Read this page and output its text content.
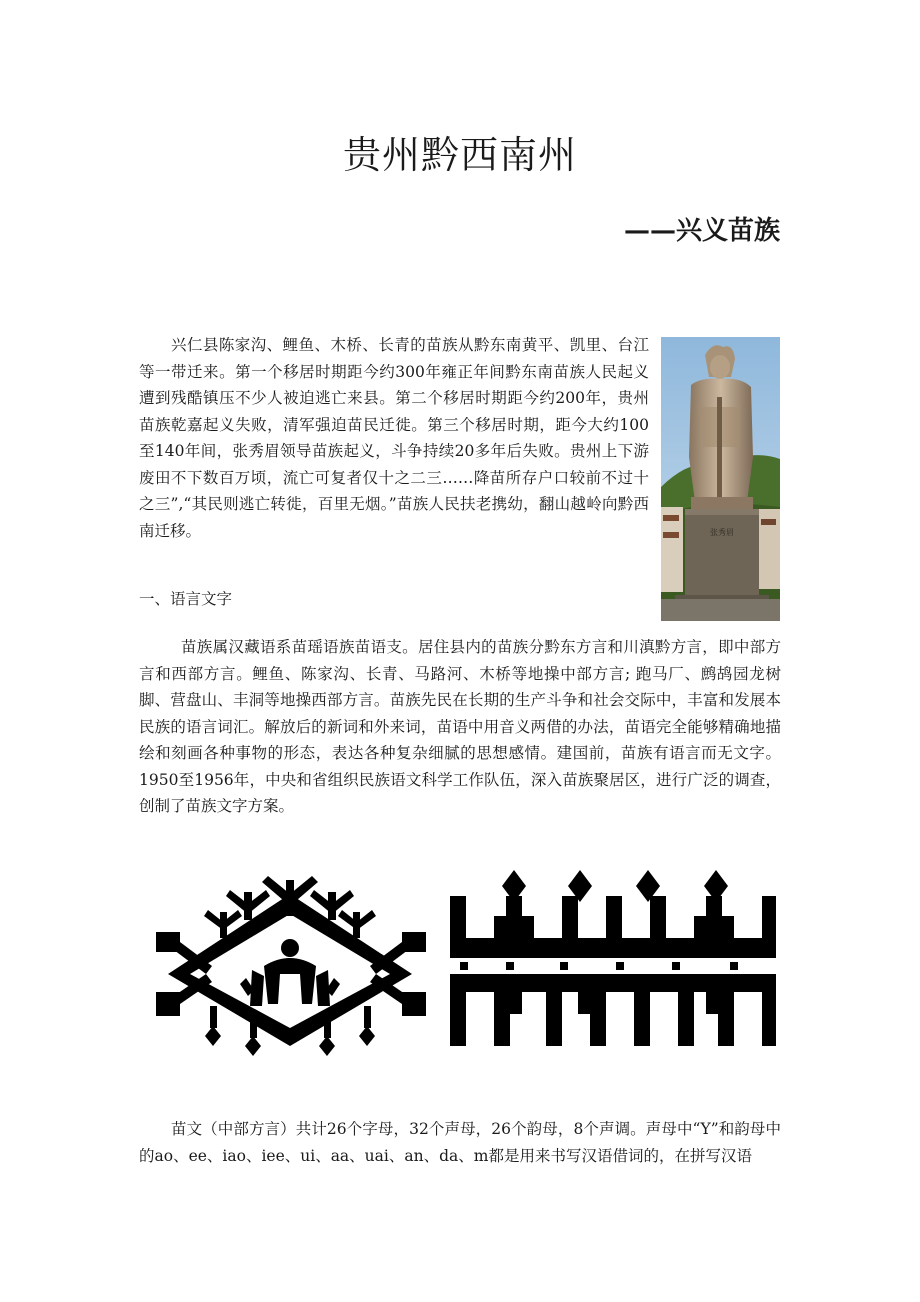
贵州黔西南州
——兴义苗族

兴仁县陈家沟、鲤鱼、木桥、长青的苗族从黔东南黄平、凯里、台江等一带迁来。第一个移居时期距今约300年雍正年间黔东南苗族人民起义遭到残酷镇压不少人被迫逃亡来县。第二个移居时期距今约200年，贵州苗族乾嘉起义失败，清军强迫苗民迁徙。第三个移居时期，距今大约100至140年间，张秀眉领导苗族起义，斗争持续20多年后失败。贵州上下游废田不下数百万顷，流亡可复者仅十之二三……降苗所存户口较前不过十之三”,“其民则逃亡转徙，百里无烟。”苗族人民扶老携幼，翻山越岭向黔西南迁移。	张秀眉

一、语言文字

苗族属汉藏语系苗瑶语族苗语支。居住县内的苗族分黔东方言和川滇黔方言，即中部方言和西部方言。鲤鱼、陈家沟、长青、马路河、木桥等地操中部方言; 跑马厂、鹧鸪园龙树脚、营盘山、丰洞等地操西部方言。苗族先民在长期的生产斗争和社会交际中，丰富和发展本民族的语言词汇。解放后的新词和外来词，苗语中用音义两借的办法，苗语完全能够精确地描绘和刻画各种事物的形态，表达各种复杂细腻的思想感情。建国前，苗族有语言而无文字。1950至1956年，中央和省组织民族语文科学工作队伍，深入苗族聚居区，进行广泛的调查，创制了苗族文字方案。

苗文（中部方言）共计26个字母，32个声母，26个韵母，8个声调。声母中“Y”和韵母中的ao、ee、iao、iee、ui、aa、uai、an、da、m都是用来书写汉语借词的，在拼写汉语
